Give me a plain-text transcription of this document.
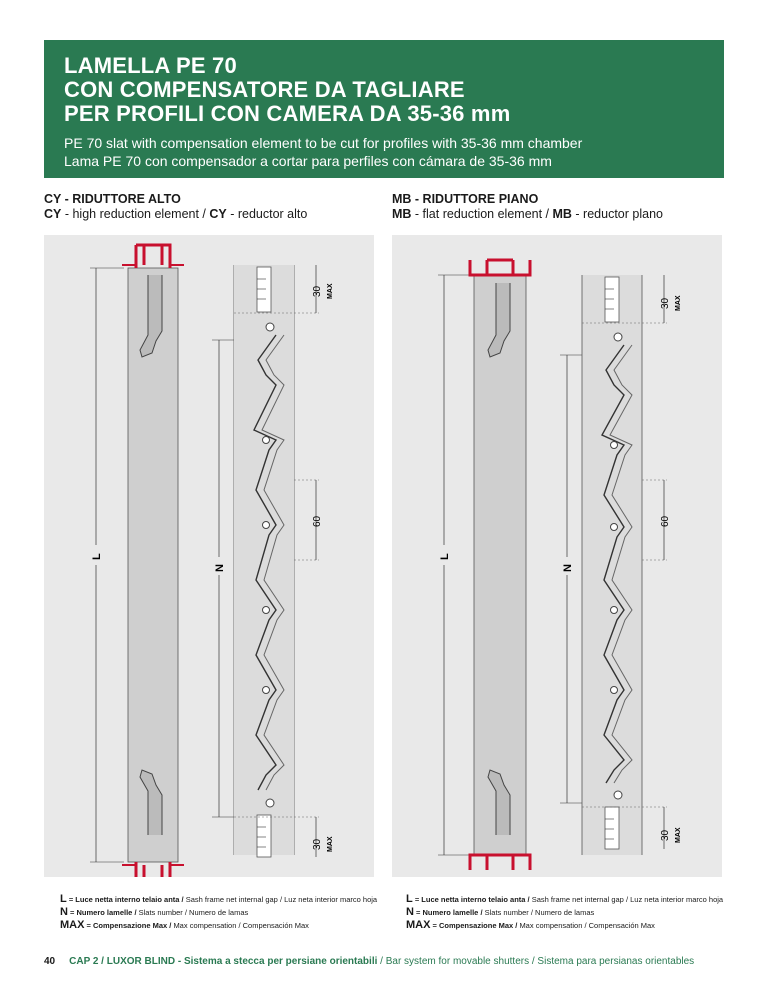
LAMELLA PE 70
CON COMPENSATORE DA TAGLIARE
PER PROFILI CON CAMERA DA 35-36 mm
PE 70 slat with compensation element to be cut for profiles with 35-36 mm chamber
Lama PE 70 con compensador a cortar para perfiles con cámara de 35-36 mm
CY - RIDUTTORE ALTO
CY - high reduction element / CY - reductor alto
MB - RIDUTTORE PIANO
MB - flat reduction element / MB - reductor plano
L
N
30 MAX
60
30 MAX
L
N
30 MAX
60
30 MAX
L = Luce netta interno telaio anta / Sash frame net internal gap / Luz neta interior marco hoja
N = Numero lamelle / Slats number / Numero de lamas
MAX = Compensazione Max / Max compensation / Compensación Max
L = Luce netta interno telaio anta / Sash frame net internal gap / Luz neta interior marco hoja
N = Numero lamelle / Slats number / Numero de lamas
MAX = Compensazione Max / Max compensation / Compensación Max
40 CAP 2 / LUXOR BLIND - Sistema a stecca per persiane orientabili / Bar system for movable shutters / Sistema para persianas orientables
